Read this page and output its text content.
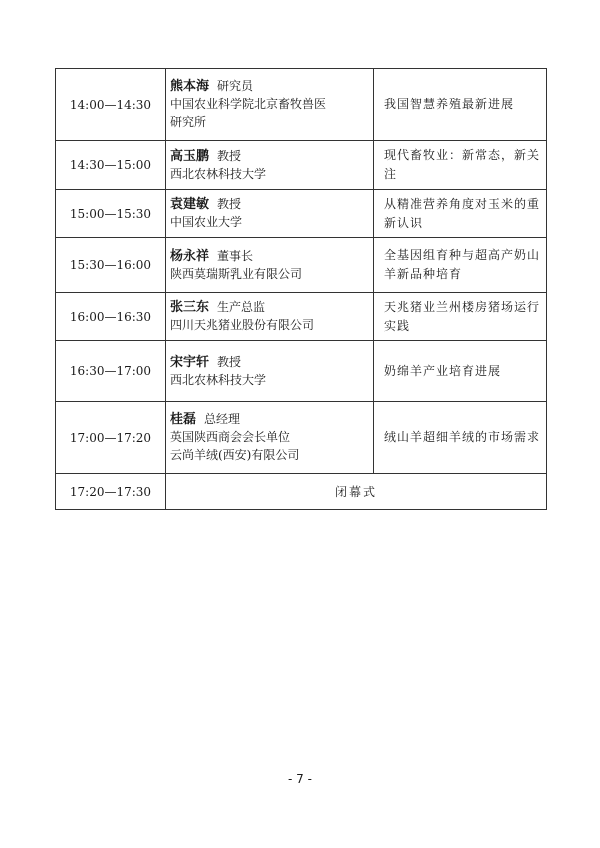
14:00—14:30	熊本海 研究员
中国农业科学院北京畜牧兽医
研究所	我国智慧养殖最新进展
14:30—15:00	高玉鹏 教授
西北农林科技大学	现代畜牧业：新常态，新关注
15:00—15:30	袁建敏 教授
中国农业大学	从精准营养角度对玉米的重新认识
15:30—16:00	杨永祥 董事长
陕西莫瑞斯乳业有限公司	全基因组育种与超高产奶山羊新品种培育
16:00—16:30	张三东 生产总监
四川天兆猪业股份有限公司	天兆猪业兰州楼房猪场运行实践
16:30—17:00	宋宇轩 教授
西北农林科技大学	奶绵羊产业培育进展
17:00—17:20	桂磊 总经理
英国陕西商会会长单位
云尚羊绒(西安)有限公司	绒山羊超细羊绒的市场需求
17:20—17:30	闭幕式	
- 7 -
